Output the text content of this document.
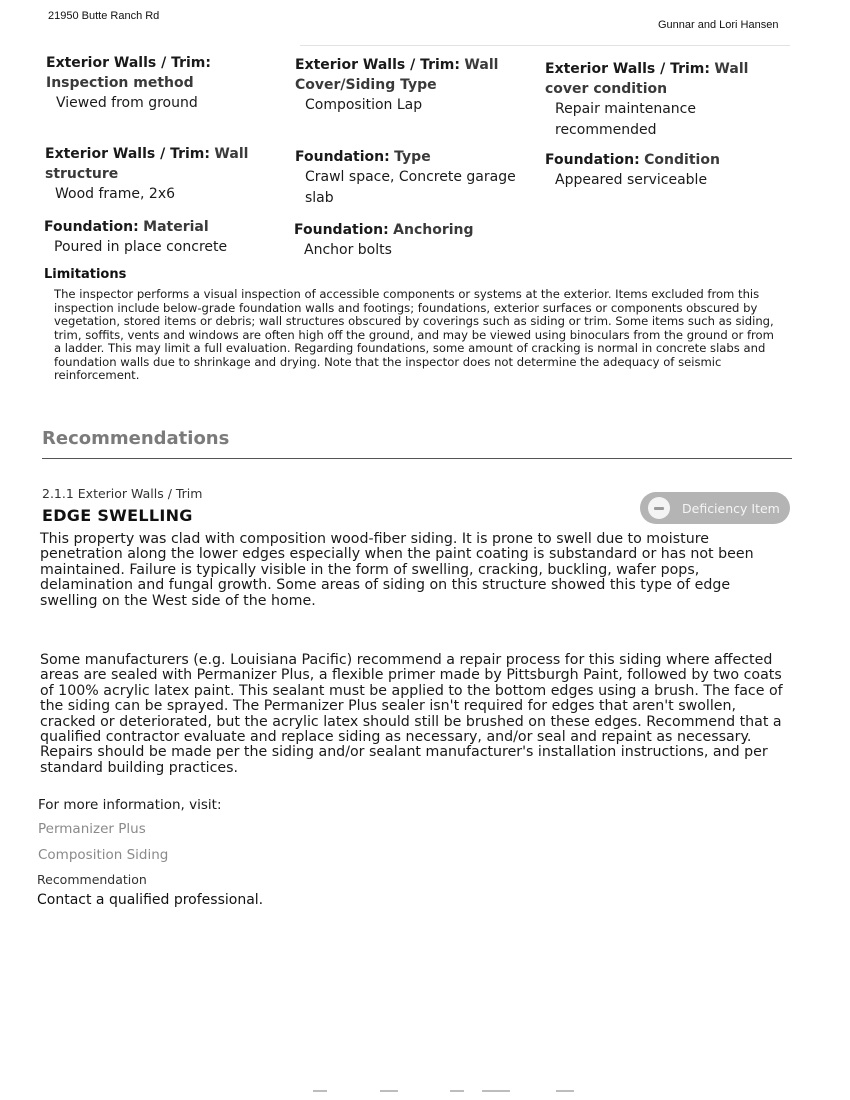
21950 Butte Ranch Rd
Gunnar and Lori Hansen
Exterior Walls / Trim: Inspection method
Viewed from ground
Exterior Walls / Trim: Wall Cover/Siding Type
Composition Lap
Exterior Walls / Trim: Wall cover condition
Repair maintenance recommended
Exterior Walls / Trim: Wall structure
Wood frame, 2x6
Foundation: Type
Crawl space, Concrete garage slab
Foundation: Condition
Appeared serviceable
Foundation: Material
Poured in place concrete
Foundation: Anchoring
Anchor bolts
Limitations
The inspector performs a visual inspection of accessible components or systems at the exterior. Items excluded from this inspection include below-grade foundation walls and footings; foundations, exterior surfaces or components obscured by vegetation, stored items or debris; wall structures obscured by coverings such as siding or trim. Some items such as siding, trim, soffits, vents and windows are often high off the ground, and may be viewed using binoculars from the ground or from a ladder. This may limit a full evaluation. Regarding foundations, some amount of cracking is normal in concrete slabs and foundation walls due to shrinkage and drying. Note that the inspector does not determine the adequacy of seismic reinforcement.
Recommendations
2.1.1 Exterior Walls / Trim
EDGE SWELLING	Deficiency Item
This property was clad with composition wood-fiber siding. It is prone to swell due to moisture penetration along the lower edges especially when the paint coating is substandard or has not been maintained. Failure is typically visible in the form of swelling, cracking, buckling, wafer pops, delamination and fungal growth. Some areas of siding on this structure showed this type of edge swelling on the West side of the home.
Some manufacturers (e.g. Louisiana Pacific) recommend a repair process for this siding where affected areas are sealed with Permanizer Plus, a flexible primer made by Pittsburgh Paint, followed by two coats of 100% acrylic latex paint. This sealant must be applied to the bottom edges using a brush. The face of the siding can be sprayed. The Permanizer Plus sealer isn't required for edges that aren't swollen, cracked or deteriorated, but the acrylic latex should still be brushed on these edges. Recommend that a qualified contractor evaluate and replace siding as necessary, and/or seal and repaint as necessary. Repairs should be made per the siding and/or sealant manufacturer's installation instructions, and per standard building practices.
For more information, visit:
Permanizer Plus
Composition Siding
Recommendation
Contact a qualified professional.
